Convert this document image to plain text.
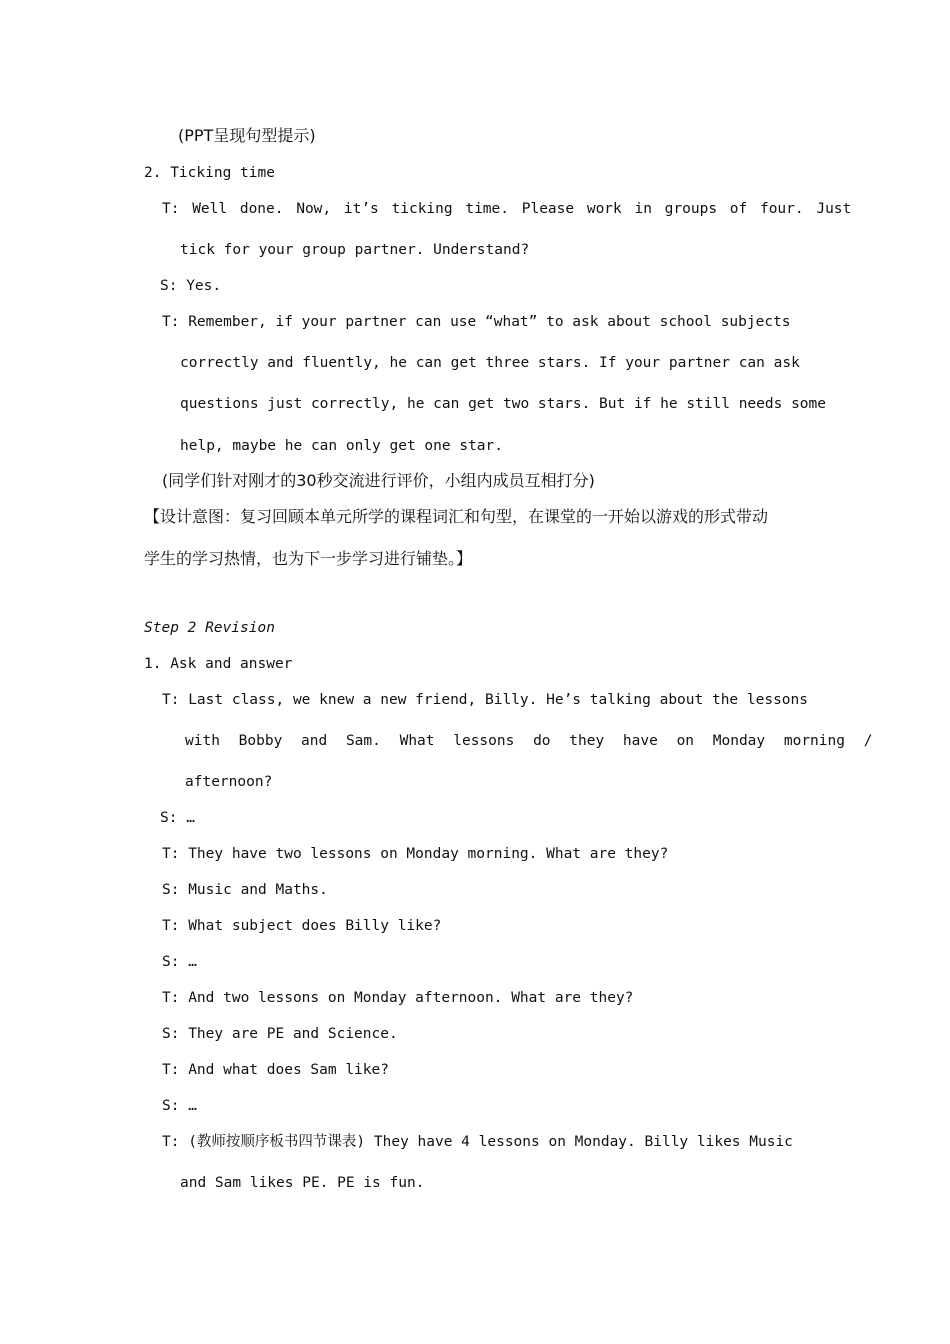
(PPT呈现句型提示)
2. Ticking time
T: Well done. Now, it’s ticking time. Please work in groups of four. Just
tick for your group partner. Understand?
S: Yes.
T: Remember, if your partner can use “what” to ask about school subjects
correctly and fluently, he can get three stars. If your partner can ask
questions just correctly, he can get two stars. But if he still needs some
help, maybe he can only get one star.
(同学们针对刚才的30秒交流进行评价，小组内成员互相打分)
【设计意图：复习回顾本单元所学的课程词汇和句型，在课堂的一开始以游戏的形式带动
学生的学习热情，也为下一步学习进行铺垫。】
Step 2 Revision
1. Ask and answer
T: Last class, we knew a new friend, Billy. He’s talking about the lessons
with Bobby and Sam. What lessons do they have on Monday morning /
afternoon?
S: …
T: They have two lessons on Monday morning. What are they?
S: Music and Maths.
T: What subject does Billy like?
S: …
T: And two lessons on Monday afternoon. What are they?
S: They are PE and Science.
T: And what does Sam like?
S: …
T: (教师按顺序板书四节课表) They have 4 lessons on Monday. Billy likes Music
and Sam likes PE. PE is fun.
